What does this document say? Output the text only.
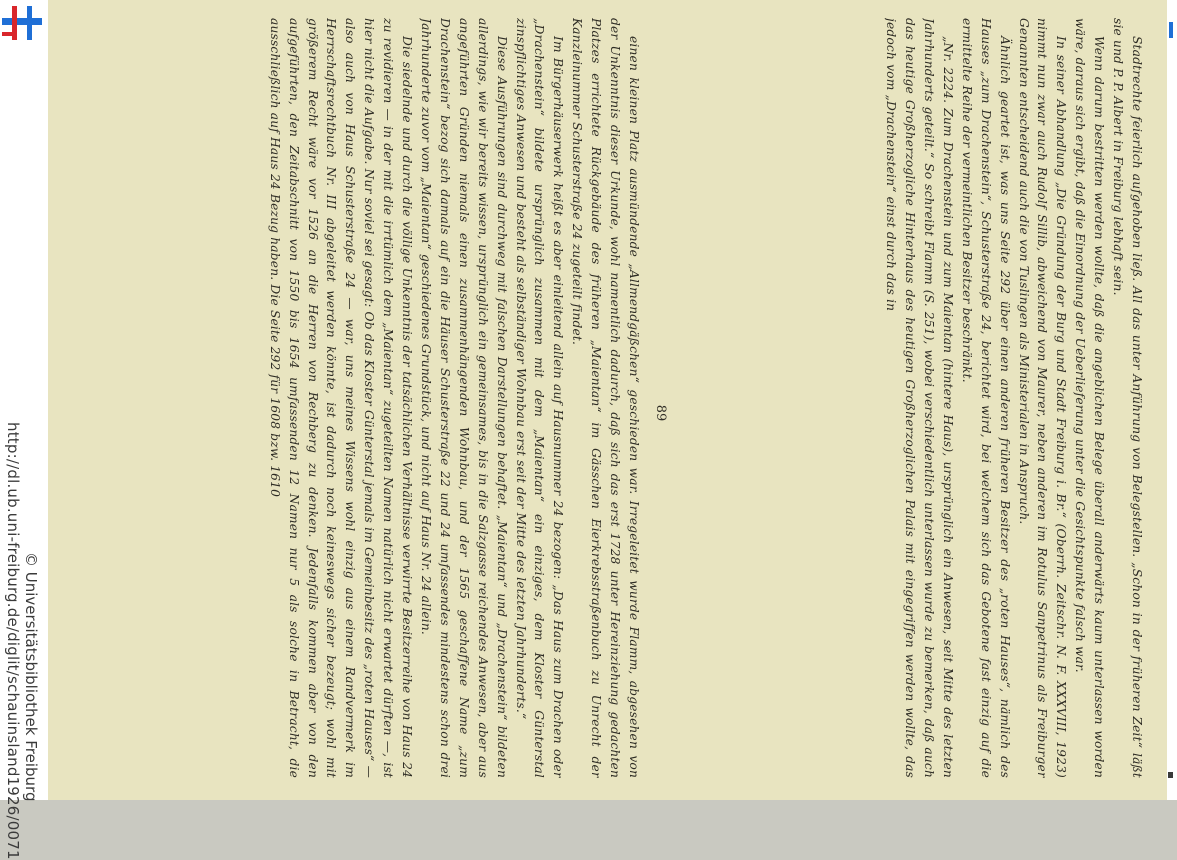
http://dl.ub.uni-freiburg.de/diglit/schauinsland1926/0071 © Universitätsbibliothek Freiburg	einen kleinen Platz ausmündende „Allmendgäßchen“ geschieden war. Irregeleitet wurde Flamm, abgesehen von der Unkenntnis dieser Urkunde, wohl namentlich dadurch, daß sich das erst 1728 unter Hereinziehung gedachten Platzes errichtete Rückgebäude des früheren „Maientan“ im Gässchen Eierkrebsstraßenbuch zu Unrecht der Kanzleinummer Schusterstraße 24 zugeteilt findet.

Im Bürgerhäuserwerk heißt es aber einleitend allein auf Hausnummer 24 bezogen: „Das Haus zum Drachen oder „Drachenstein“ bildete ursprünglich zusammen mit dem „Maientan“ ein einziges, dem Kloster Günterstal zinspflichtiges Anwesen und besteht als selbständiger Wohnbau erst seit der Mitte des letzten Jahrhunderts.“

Diese Ausführungen sind durchweg mit falschen Darstellungen behaftet. „Maientan“ und „Drachenstein“ bildeten allerdings, wie wir bereits wissen, ursprünglich ein gemeinsames, bis in die Salzgasse reichendes Anwesen, aber aus angeführten Gründen niemals einen zusammenhängenden Wohnbau, und der 1565 geschaffene Name „zum Drachenstein“ bezog sich damals auf ein die Häuser Schusterstraße 22 und 24 umfassendes mindestens schon drei Jahrhunderte zuvor vom „Maientan“ geschiedenes Grundstück, und nicht auf Haus Nr. 24 allein.

Die siedelnde und durch die völlige Unkenntnis der tatsächlichen Verhältnisse verwirrte Besitzerreihe von Haus 24 zu revidieren — in der mit die irrtümlich dem „Maientan“ zugeteilten Namen natürlich nicht erwartet dürften —, ist hier nicht die Aufgabe. Nur soviel sei gesagt: Ob das Kloster Günterstal jemals im Gemeinbesitz des „roten Hauses“ — also auch von Haus Schusterstraße 24 — war, uns meines Wissens wohl einzig aus einem Randvermerk im Herrschaftsrechtbuch Nr. III abgeleitet werden könnte, ist dadurch noch keineswegs sicher bezeugt; wohl mit größerem Recht wäre vor 1526 an die Herren von Rechberg zu denken. Jedenfalls kommen aber von den aufgeführten, den Zeitabschnitt von 1550 bis 1654 umfassenden 12 Namen nur 5 als solche in Betracht, die ausschließlich auf Haus 24 Bezug haben. Die Seite 292 für 1608 bzw. 1610	89	Stadtrechte feierlich aufgehoben ließ. All das unter Anführung von Belegstellen. „Schon in der früheren Zeit“ läßt sie und P. P. Albert in Freiburg lebhaft sein.

Wenn darum bestritten werden wollte, daß die angeblichen Belege überall anderwärts kaum unterlassen worden wäre, daraus sich ergibt, daß die Einordnung der Ueberlieferung unter die Gesichtspunkte falsch war.

In seiner Abhandlung „Die Gründung der Burg und Stadt Freiburg i. Br.“ (Oberrh. Zeitschr. N. F. XXXVIII, 1923) nimmt nun zwar auch Rudolf Sillib, abweichend von Maurer, neben anderen im Rotulus Sanpetrinus als Freiburger Genannten entscheidend auch die von Tuslingen als Ministerialen in Anspruch.

Ähnlich geartet ist, was uns Seite 292 über einen anderen früheren Besitzer des „roten Hauses“, nämlich des Hauses „zum Drachenstein“, Schusterstraße 24, berichtet wird, bei welchem sich das Gebotene fast einzig auf die ermittelte Reihe der vermeintlichen Besitzer beschränkt.

„Nr. 2224. Zum Drachenstein und zum Maientan (hintere Haus), ursprünglich ein Anwesen, seit Mitte des letzten Jahrhunderts geteilt.“ So schreibt Flamm (S. 251), wobei verschiedentlich unterlassen wurde zu bemerken, daß auch das heutige Großherzogliche Hinterhaus des heutigen Großherzoglichen Palais mit eingegriffen werden wollte, das jedoch vom „Drachenstein“ einst durch das in
